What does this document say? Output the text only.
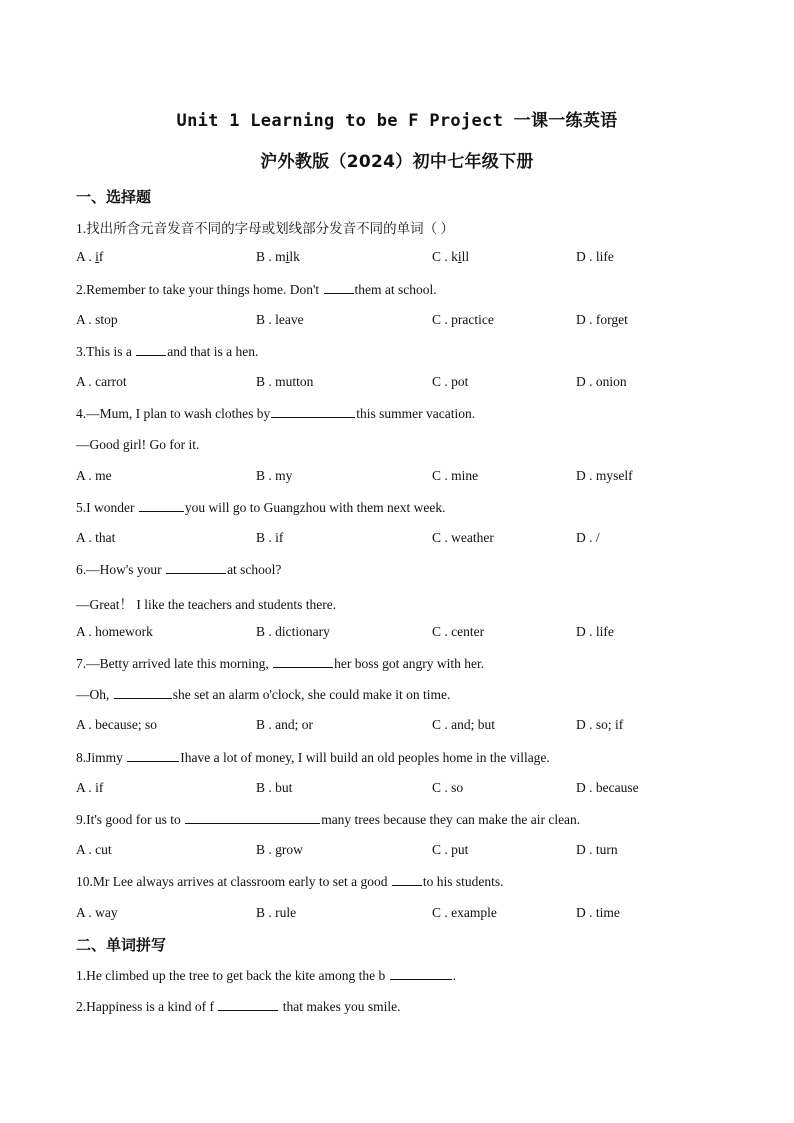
Unit 1 Learning to be F Project 一课一练英语
沪外教版（2024）初中七年级下册
一、选择题
1.找出所含元音发音不同的字母或划线部分发音不同的单词（ ）
A . if	B . milk	C . kill	D . life
2.Remember to take your things home. Don't them at school.
A . stop	B . leave	C . practice	D . forget
3.This is a and that is a hen.
A . carrot	B . mutton	C . pot	D . onion
4.—Mum, I plan to wash clothes by	this summer vacation.
—Good girl! Go for it.
A . me	B . my	C . mine	D . myself
5.I wonder	you will go to Guangzhou with them next week.
A . that	B . if	C . weather	D . /
6.—How's your	at school?
—Great！ I like the teachers and students there.
A . homework	B . dictionary	C . center	D . life
7.—Betty arrived late this morning,	her boss got angry with her.
—Oh,	she set an alarm o'clock, she could make it on time.
A . because; so	B . and; or	C . and; but	D . so; if
8.Jimmy	Ihave a lot of money, I will build an old peoples home in the village.
A . if	B . but	C . so	D . because
9.It's good for us to	many trees because they can make the air clean.
A . cut	B . grow	C . put	D . turn
10.Mr Lee always arrives at classroom early to set a good to his students.
A . way	B . rule	C . example	D . time
二、单词拼写
1.He climbed up the tree to get back the kite among the b	.
2.Happiness is a kind of f	that makes you smile.
